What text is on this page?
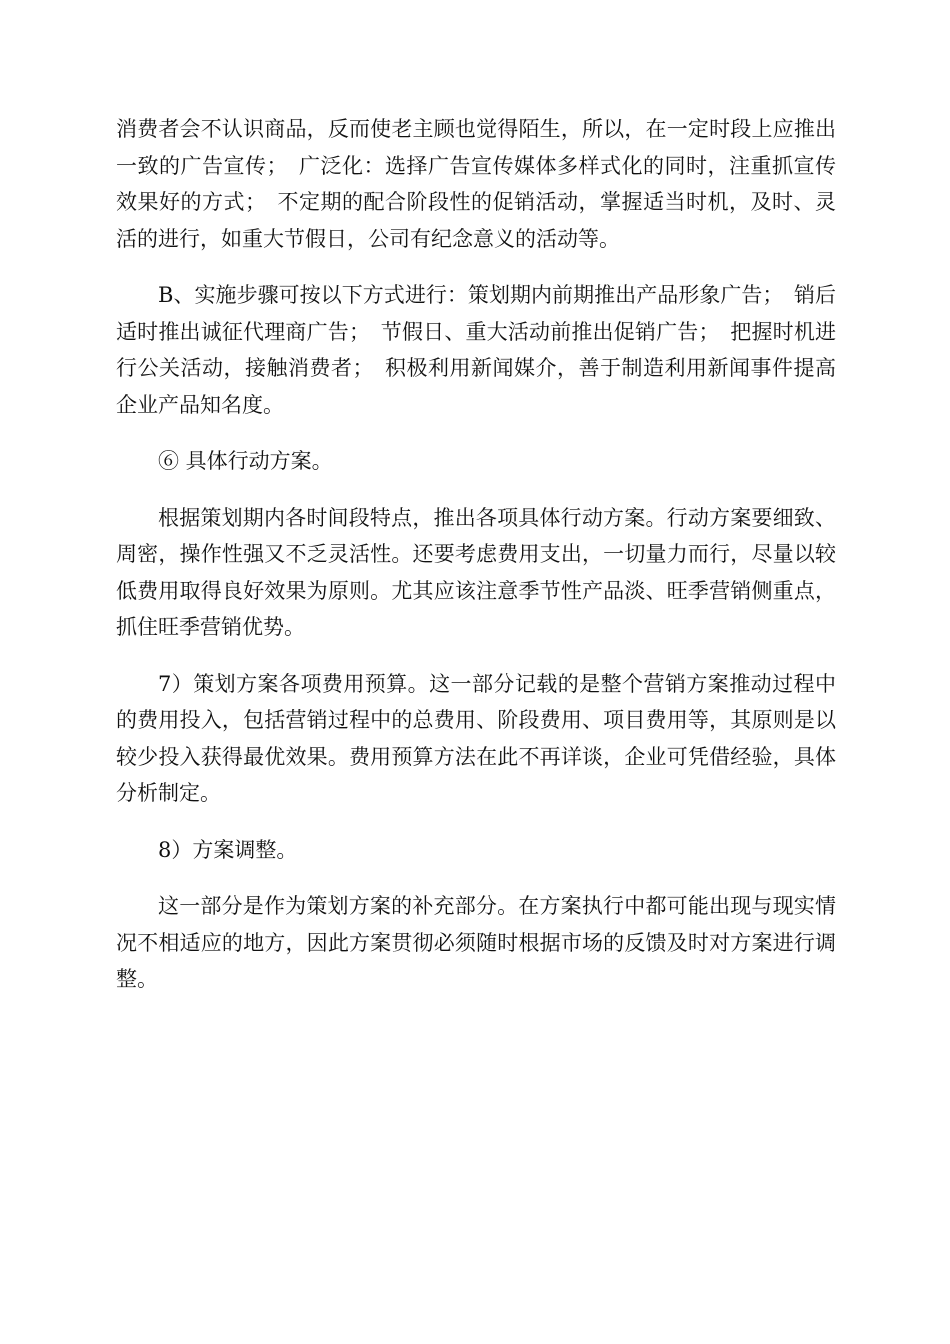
消费者会不认识商品，反而使老主顾也觉得陌生，所以，在一定时段上应推出一致的广告宣传；　广泛化：选择广告宣传媒体多样式化的同时，注重抓宣传效果好的方式；　不定期的配合阶段性的促销活动，掌握适当时机，及时、灵活的进行，如重大节假日，公司有纪念意义的活动等。

B、实施步骤可按以下方式进行：策划期内前期推出产品形象广告；　销后适时推出诚征代理商广告；　节假日、重大活动前推出促销广告；　把握时机进行公关活动，接触消费者；　积极利用新闻媒介，善于制造利用新闻事件提高企业产品知名度。

⑥ 具体行动方案。

根据策划期内各时间段特点，推出各项具体行动方案。行动方案要细致、周密，操作性强又不乏灵活性。还要考虑费用支出，一切量力而行，尽量以较低费用取得良好效果为原则。尤其应该注意季节性产品淡、旺季营销侧重点，抓住旺季营销优势。

7）策划方案各项费用预算。这一部分记载的是整个营销方案推动过程中的费用投入，包括营销过程中的总费用、阶段费用、项目费用等，其原则是以较少投入获得最优效果。费用预算方法在此不再详谈，企业可凭借经验，具体分析制定。

8）方案调整。

这一部分是作为策划方案的补充部分。在方案执行中都可能出现与现实情况不相适应的地方，因此方案贯彻必须随时根据市场的反馈及时对方案进行调整。
